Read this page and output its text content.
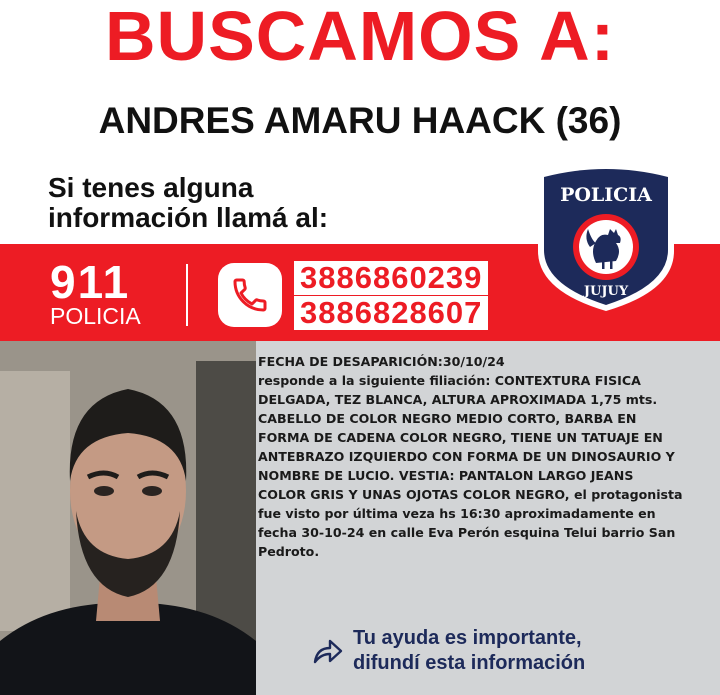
BUSCAMOS A:
ANDRES AMARU HAACK (36)
Si tenes alguna
información llamá al:
911
POLICIA
3886860239
3886828607
POLICIA
JUJUY
FECHA DE DESAPARICIÓN:30/10/24
responde a la siguiente filiación: CONTEXTURA FISICA
DELGADA, TEZ BLANCA, ALTURA APROXIMADA 1,75 mts.
CABELLO DE COLOR NEGRO MEDIO CORTO, BARBA EN
FORMA DE CADENA COLOR NEGRO, TIENE UN TATUAJE EN
ANTEBRAZO IZQUIERDO CON FORMA DE UN DINOSAURIO Y
NOMBRE DE LUCIO. VESTIA: PANTALON LARGO JEANS
COLOR GRIS Y UNAS OJOTAS COLOR NEGRO, el protagonista
fue visto por última veza hs 16:30 aproximadamente en
fecha 30-10-24 en calle Eva Perón esquina Telui barrio San
Pedroto.
Tu ayuda es importante,
difundí esta información
